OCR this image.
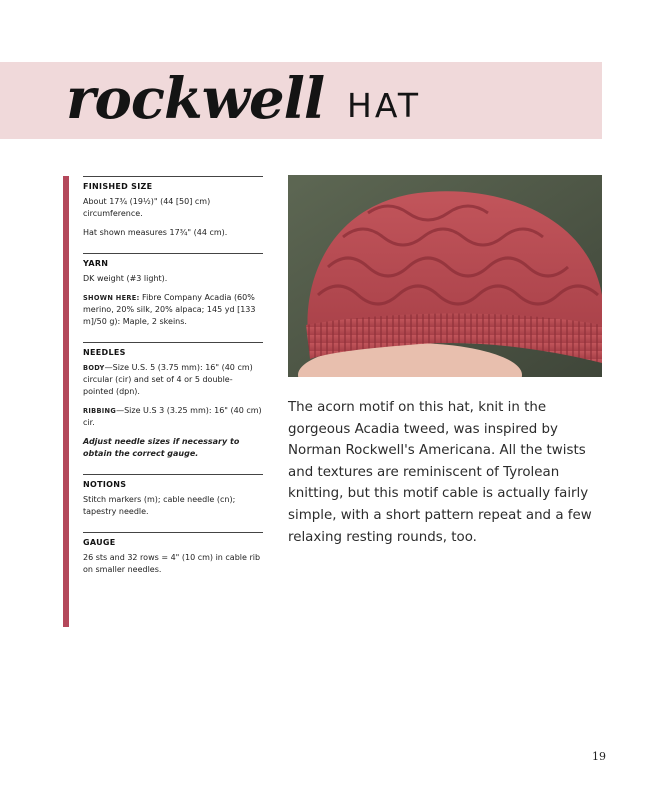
rockwell HAT
FINISHED SIZE

About 17¾ (19½)" (44 [50] cm) circumference.

Hat shown measures 17¾" (44 cm).

YARN

DK weight (#3 light).

SHOWN HERE: Fibre Company Acadia (60% merino, 20% silk, 20% alpaca; 145 yd [133 m]/50 g): Maple, 2 skeins.

NEEDLES

BODY—Size U.S. 5 (3.75 mm): 16" (40 cm) circular (cir) and set of 4 or 5 double-pointed (dpn).

RIBBING—Size U.S 3 (3.25 mm): 16" (40 cm) cir.

Adjust needle sizes if necessary to obtain the correct gauge.

NOTIONS

Stitch markers (m); cable needle (cn); tapestry needle.

GAUGE

26 sts and 32 rows = 4" (10 cm) in cable rib on smaller needles.

The acorn motif on this hat, knit in the gorgeous Acadia tweed, was inspired by Norman Rockwell's Americana. All the twists and textures are reminiscent of Tyrolean knitting, but this motif cable is actually fairly simple, with a short pattern repeat and a few relaxing resting rounds, too.

19
